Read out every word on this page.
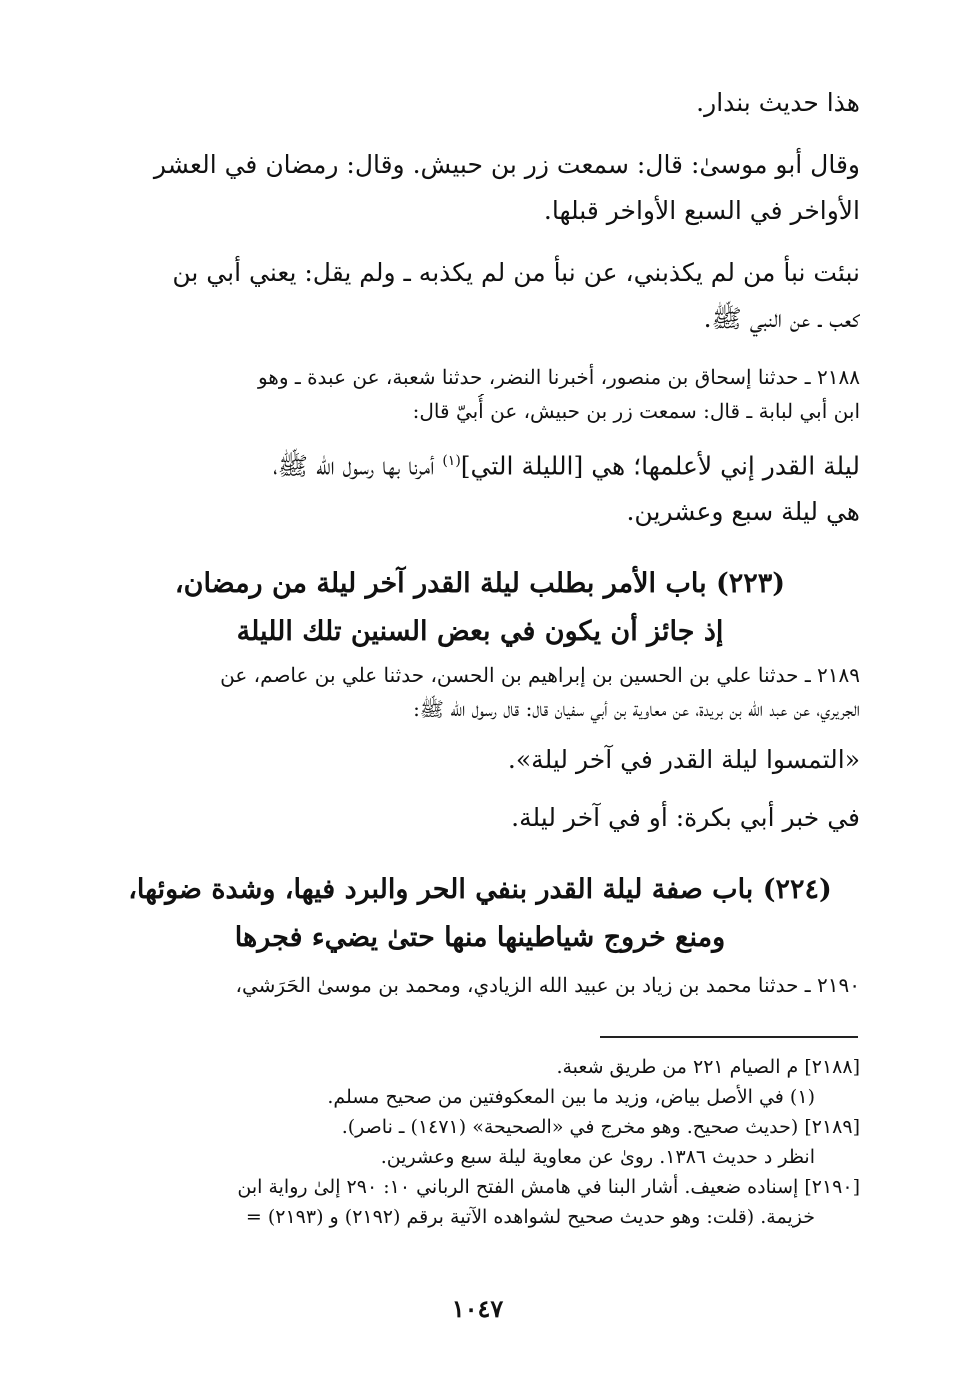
هذا حديث بندار.
وقال أبو موسىٰ: قال: سمعت زر بن حبيش. وقال: رمضان في العشر
الأواخر في السبع الأواخر قبلها.
نبئت نبأ من لم يكذبني، عن نبأ من لم يكذبه ـ ولم يقل: يعني أبي بن
كعب ـ عن النبي ﷺ.
٢١٨٨ ـ حدثنا إسحاق بن منصور، أخبرنا النضر، حدثنا شعبة، عن عبدة ـ وهو
ابن أبي لبابة ـ قال: سمعت زر بن حبيش، عن أُبيّ قال:
ليلة القدر إني لأعلمها؛ هي [الليلة التي]$^{(١)}$ أمرنا بها رسول الله ﷺ،
هي ليلة سبع وعشرين.
(٢٢٣) باب الأمر بطلب ليلة القدر آخر ليلة من رمضان،
إذ جائز أن يكون في بعض السنين تلك الليلة
٢١٨٩ ـ حدثنا علي بن الحسين بن إبراهيم بن الحسن، حدثنا علي بن عاصم، عن
الجريري، عن عبد الله بن بريدة، عن معاوية بن أبي سفيان قال: قال رسول الله ﷺ:
«التمسوا ليلة القدر في آخر ليلة».
في خبر أبي بكرة: أو في آخر ليلة.
(٢٢٤) باب صفة ليلة القدر بنفي الحر والبرد فيها، وشدة ضوئها،
ومنع خروج شياطينها منها حتىٰ يضيء فجرها
٢١٩٠ ـ حدثنا محمد بن زياد بن عبيد الله الزيادي، ومحمد بن موسىٰ الحَرَشي،
[٢١٨٨] م الصيام ٢٢١ من طريق شعبة.
(١) في الأصل بياض، وزيد ما بين المعكوفتين من صحيح مسلم.
[٢١٨٩] (حديث صحيح. وهو مخرج في «الصحيحة» (١٤٧١) ـ ناصر).
انظر د حديث ١٣٨٦. روىٰ عن معاوية ليلة سبع وعشرين.
[٢١٩٠] إسناده ضعيف. أشار البنا في هامش الفتح الرباني ١٠: ٢٩٠ إلىٰ رواية ابن
خزيمة. (قلت: وهو حديث صحيح لشواهده الآتية برقم (٢١٩٢) و (٢١٩٣) =
١٠٤٧
